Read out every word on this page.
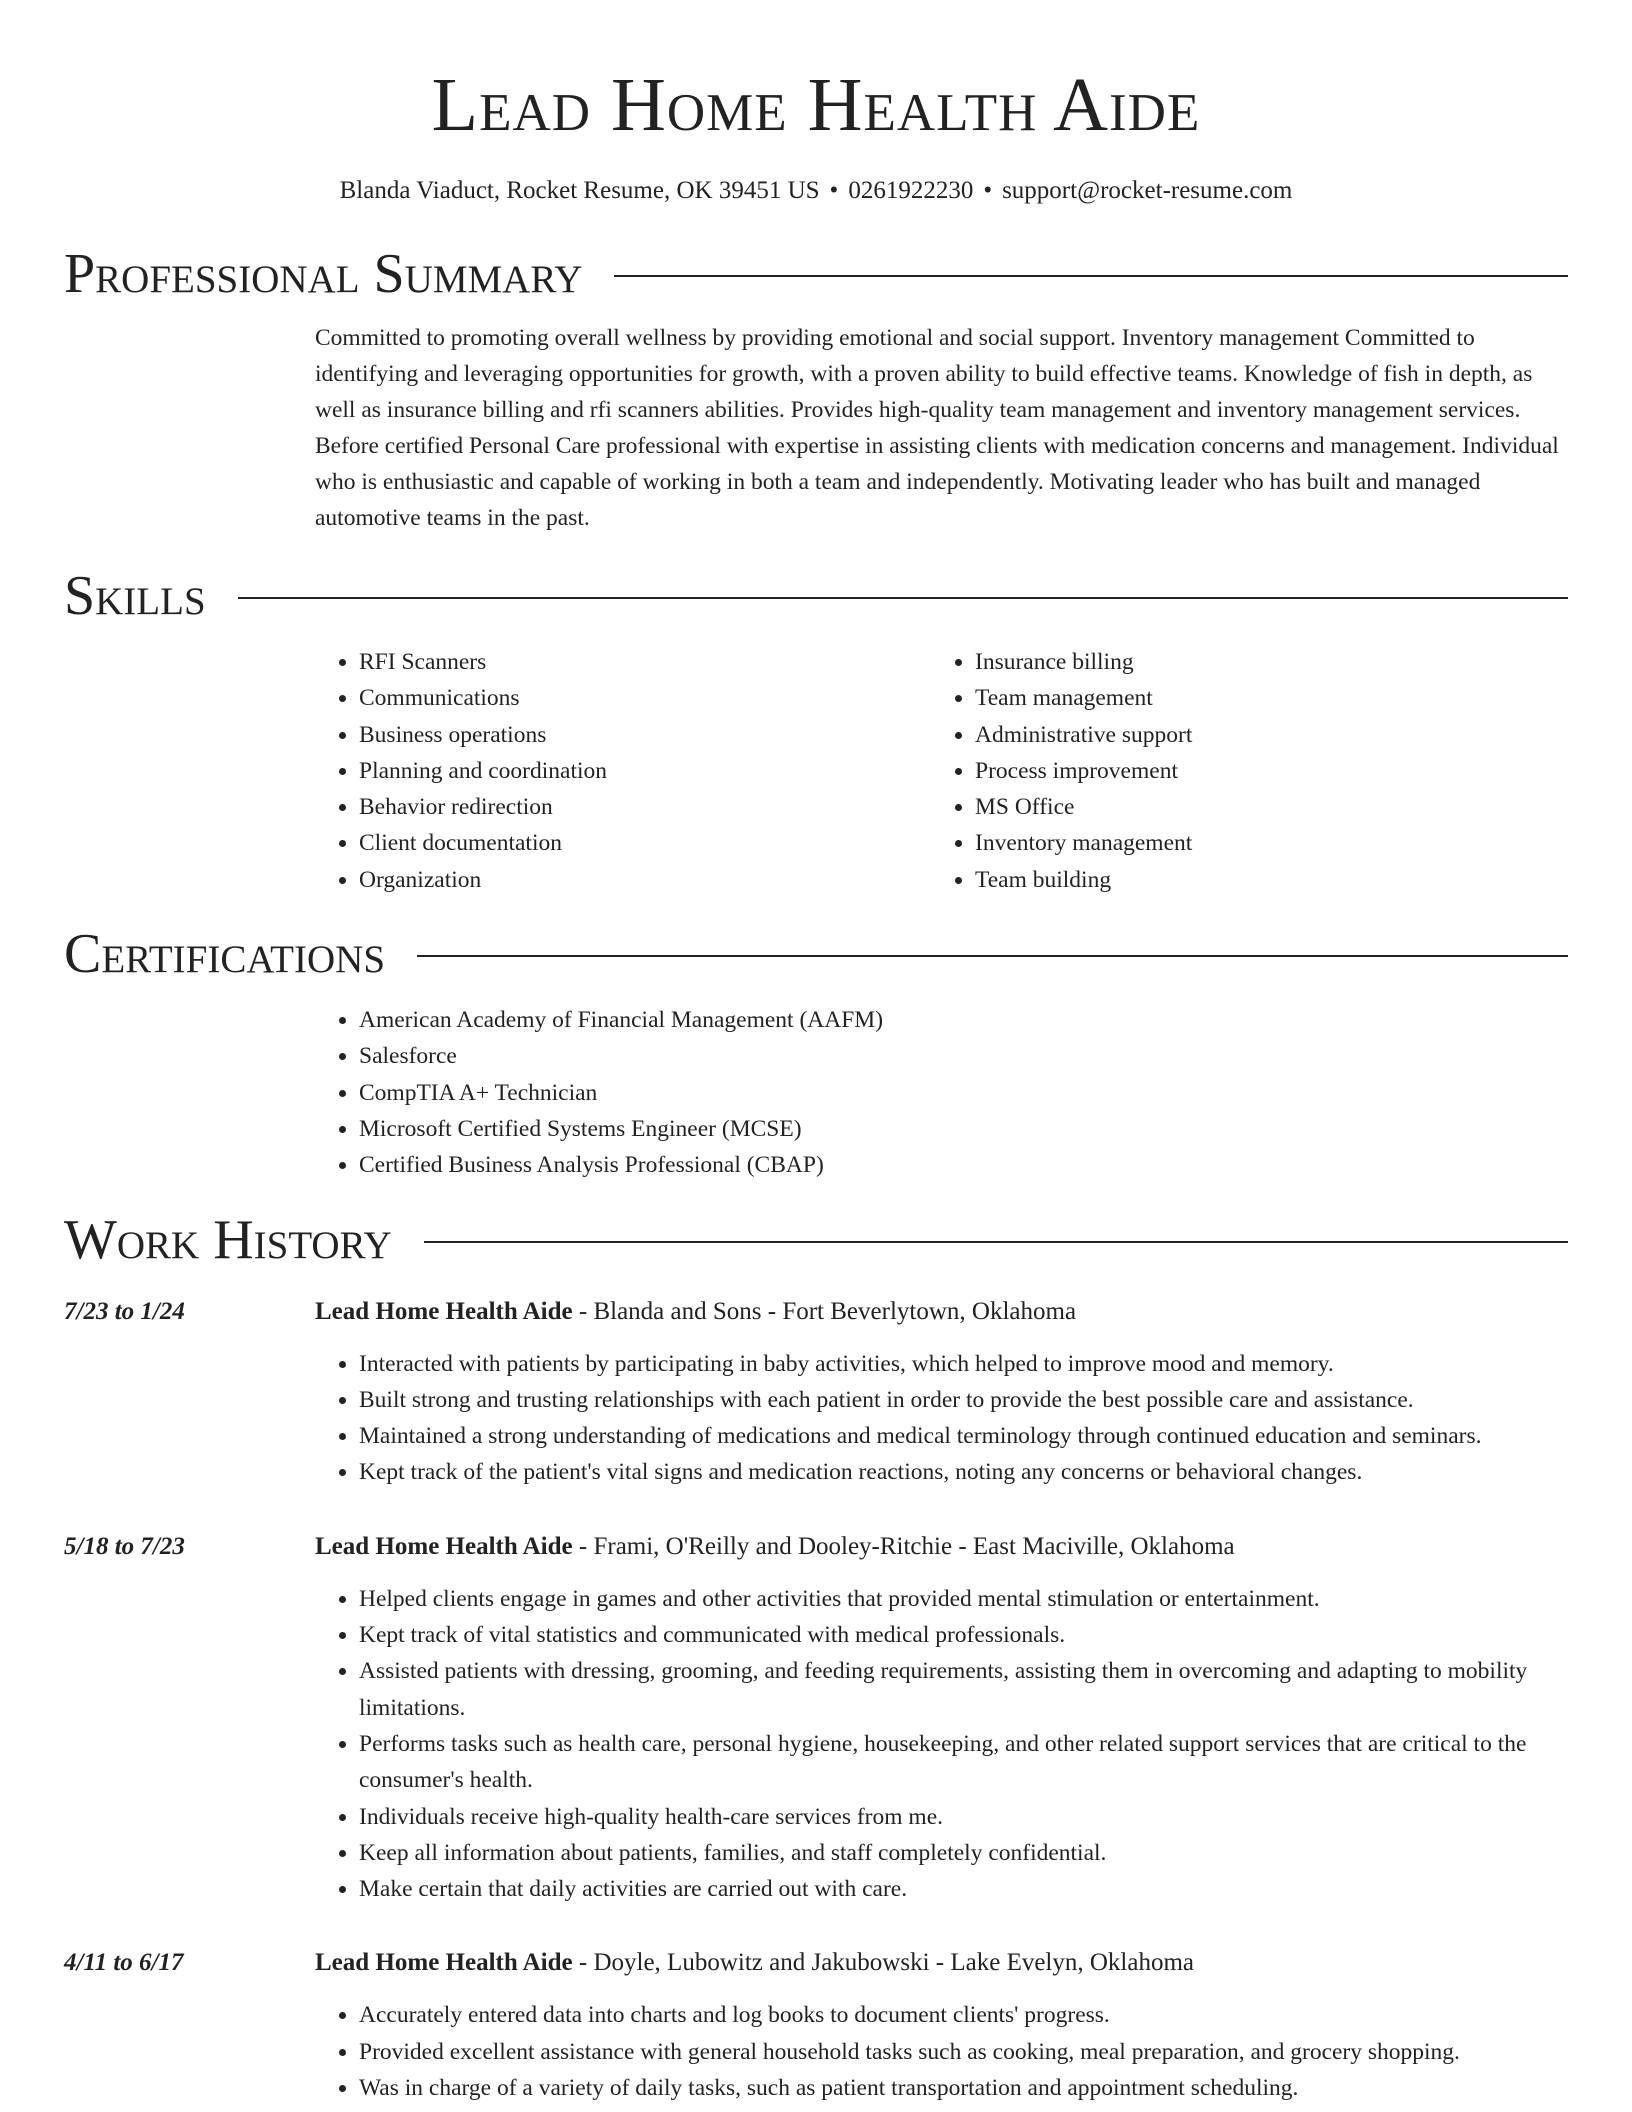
Lead Home Health Aide
Blanda Viaduct, Rocket Resume, OK 39451 US • 0261922230 • support@rocket-resume.com
Professional Summary

Committed to promoting overall wellness by providing emotional and social support. Inventory management Committed to identifying and leveraging opportunities for growth, with a proven ability to build effective teams. Knowledge of fish in depth, as well as insurance billing and rfi scanners abilities. Provides high-quality team management and inventory management services. Before certified Personal Care professional with expertise in assisting clients with medication concerns and management. Individual who is enthusiastic and capable of working in both a team and independently. Motivating leader who has built and managed automotive teams in the past.

Skills
• RFI Scanners
• Communications
• Business operations
• Planning and coordination
• Behavior redirection
• Client documentation
• Organization
• Insurance billing
• Team management
• Administrative support
• Process improvement
• MS Office
• Inventory management
• Team building
Certifications
• American Academy of Financial Management (AAFM)
• Salesforce
• CompTIA A+ Technician
• Microsoft Certified Systems Engineer (MCSE)
• Certified Business Analysis Professional (CBAP)
Work History
7/23 to 1/24	Lead Home Health Aide - Blanda and Sons - Fort Beverlytown, Oklahoma
• Interacted with patients by participating in baby activities, which helped to improve mood and memory.
• Built strong and trusting relationships with each patient in order to provide the best possible care and assistance.
• Maintained a strong understanding of medications and medical terminology through continued education and seminars.
• Kept track of the patient's vital signs and medication reactions, noting any concerns or behavioral changes.
5/18 to 7/23	Lead Home Health Aide - Frami, O'Reilly and Dooley-Ritchie - East Maciville, Oklahoma
• Helped clients engage in games and other activities that provided mental stimulation or entertainment.
• Kept track of vital statistics and communicated with medical professionals.
• Assisted patients with dressing, grooming, and feeding requirements, assisting them in overcoming and adapting to mobility limitations.
• Performs tasks such as health care, personal hygiene, housekeeping, and other related support services that are critical to the consumer's health.
• Individuals receive high-quality health-care services from me.
• Keep all information about patients, families, and staff completely confidential.
• Make certain that daily activities are carried out with care.
4/11 to 6/17	Lead Home Health Aide - Doyle, Lubowitz and Jakubowski - Lake Evelyn, Oklahoma
• Accurately entered data into charts and log books to document clients' progress.
• Provided excellent assistance with general household tasks such as cooking, meal preparation, and grocery shopping.
• Was in charge of a variety of daily tasks, such as patient transportation and appointment scheduling.
